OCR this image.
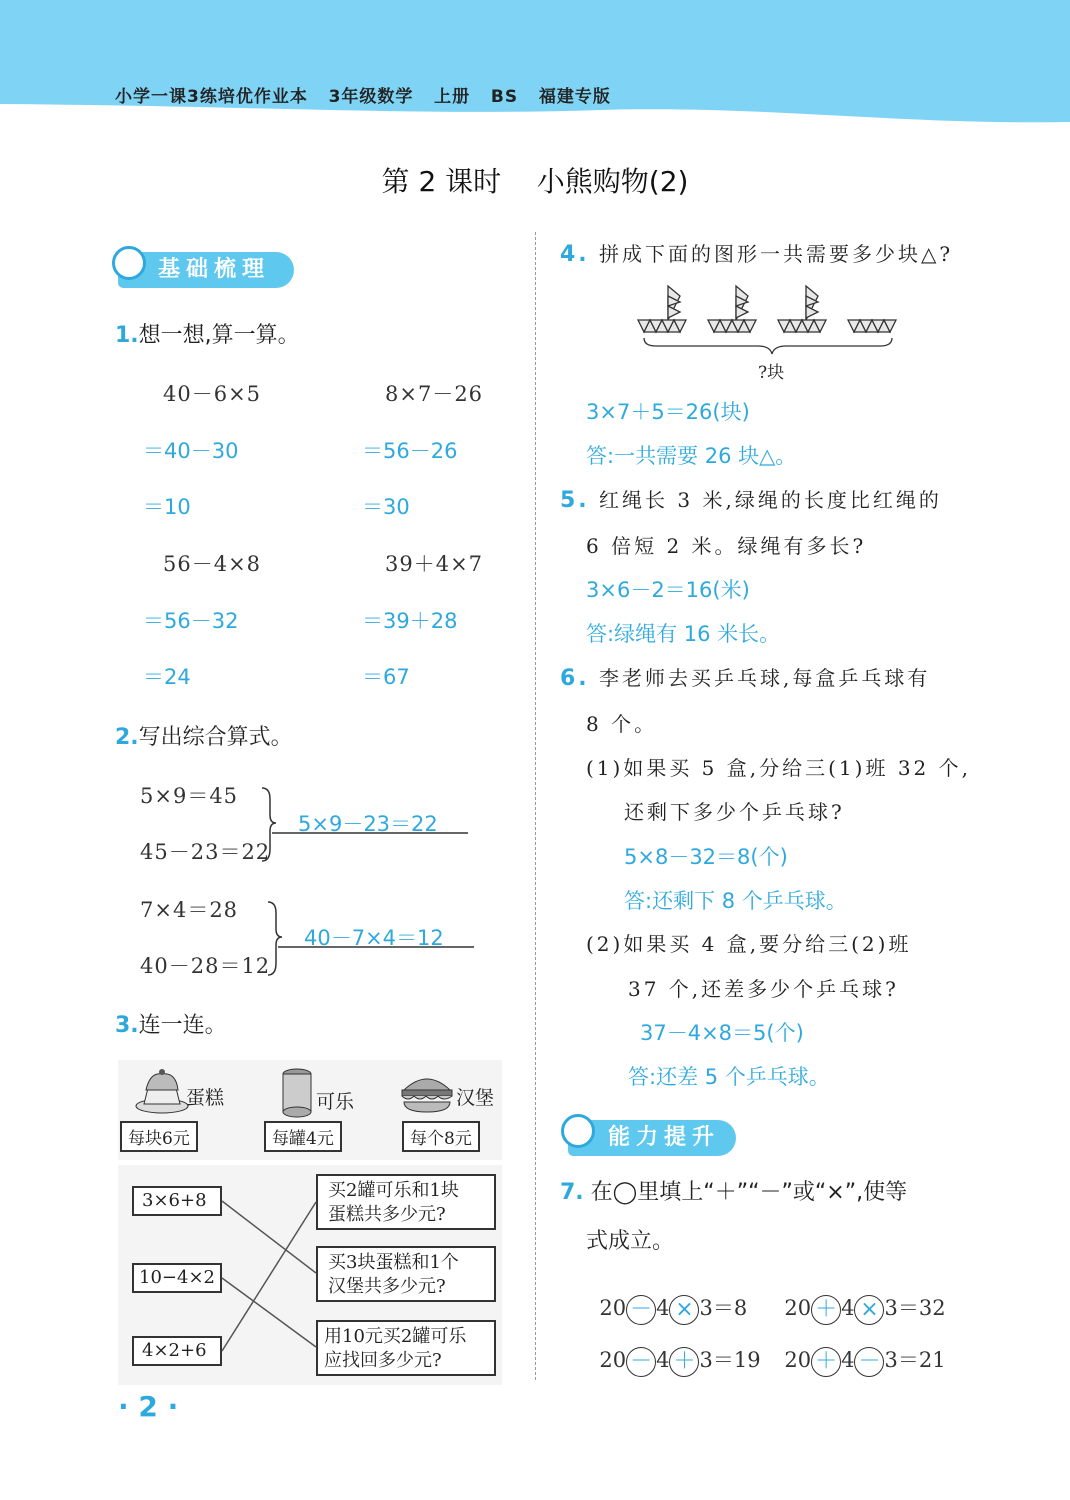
小学一课3练培优作业本   3年级数学   上册   BS   福建专版
第 2 课时    小熊购物(2)
基础梳理
1.想一想,算一算。
40－6×5
＝40－30
＝10
8×7－26
＝56－26
＝30
56－4×8
＝56－32
＝24
39＋4×7
＝39＋28
＝67
2.写出综合算式。
5×9＝45
45－23＝22
5×9－23＝22
7×4＝28
40－28＝12
40－7×4＝12
3.连一连。
蛋糕
每块6元
可乐
每罐4元
汉堡
每个8元
3×6+8
10−4×2
4×2+6
买2罐可乐和1块
蛋糕共多少元?
买3块蛋糕和1个
汉堡共多少元?
用10元买2罐可乐
应找回多少元?
· 2 ·
4. 拼成下面的图形一共需要多少块△?
?块
3×7＋5＝26(块)
答:一共需要 26 块△。
5. 红绳长 3 米,绿绳的长度比红绳的
6 倍短 2 米。绿绳有多长?
3×6－2＝16(米)
答:绿绳有 16 米长。
6. 李老师去买乒乓球,每盒乒乓球有
8 个。
(1)如果买 5 盒,分给三(1)班 32 个,
还剩下多少个乒乓球?
5×8－32＝8(个)
答:还剩下 8 个乒乓球。
(2)如果买 4 盒,要分给三(2)班
37 个,还差多少个乒乓球?
37－4×8＝5(个)
答:还差 5 个乒乓球。
能力提升
7. 在◯里填上“＋”“－”或“×”,使等
式成立。

20 － 4 × 3＝8	20 ＋ 4 × 3＝32

20 － 4 ＋ 3＝19	20 ＋ 4 － 3＝21
